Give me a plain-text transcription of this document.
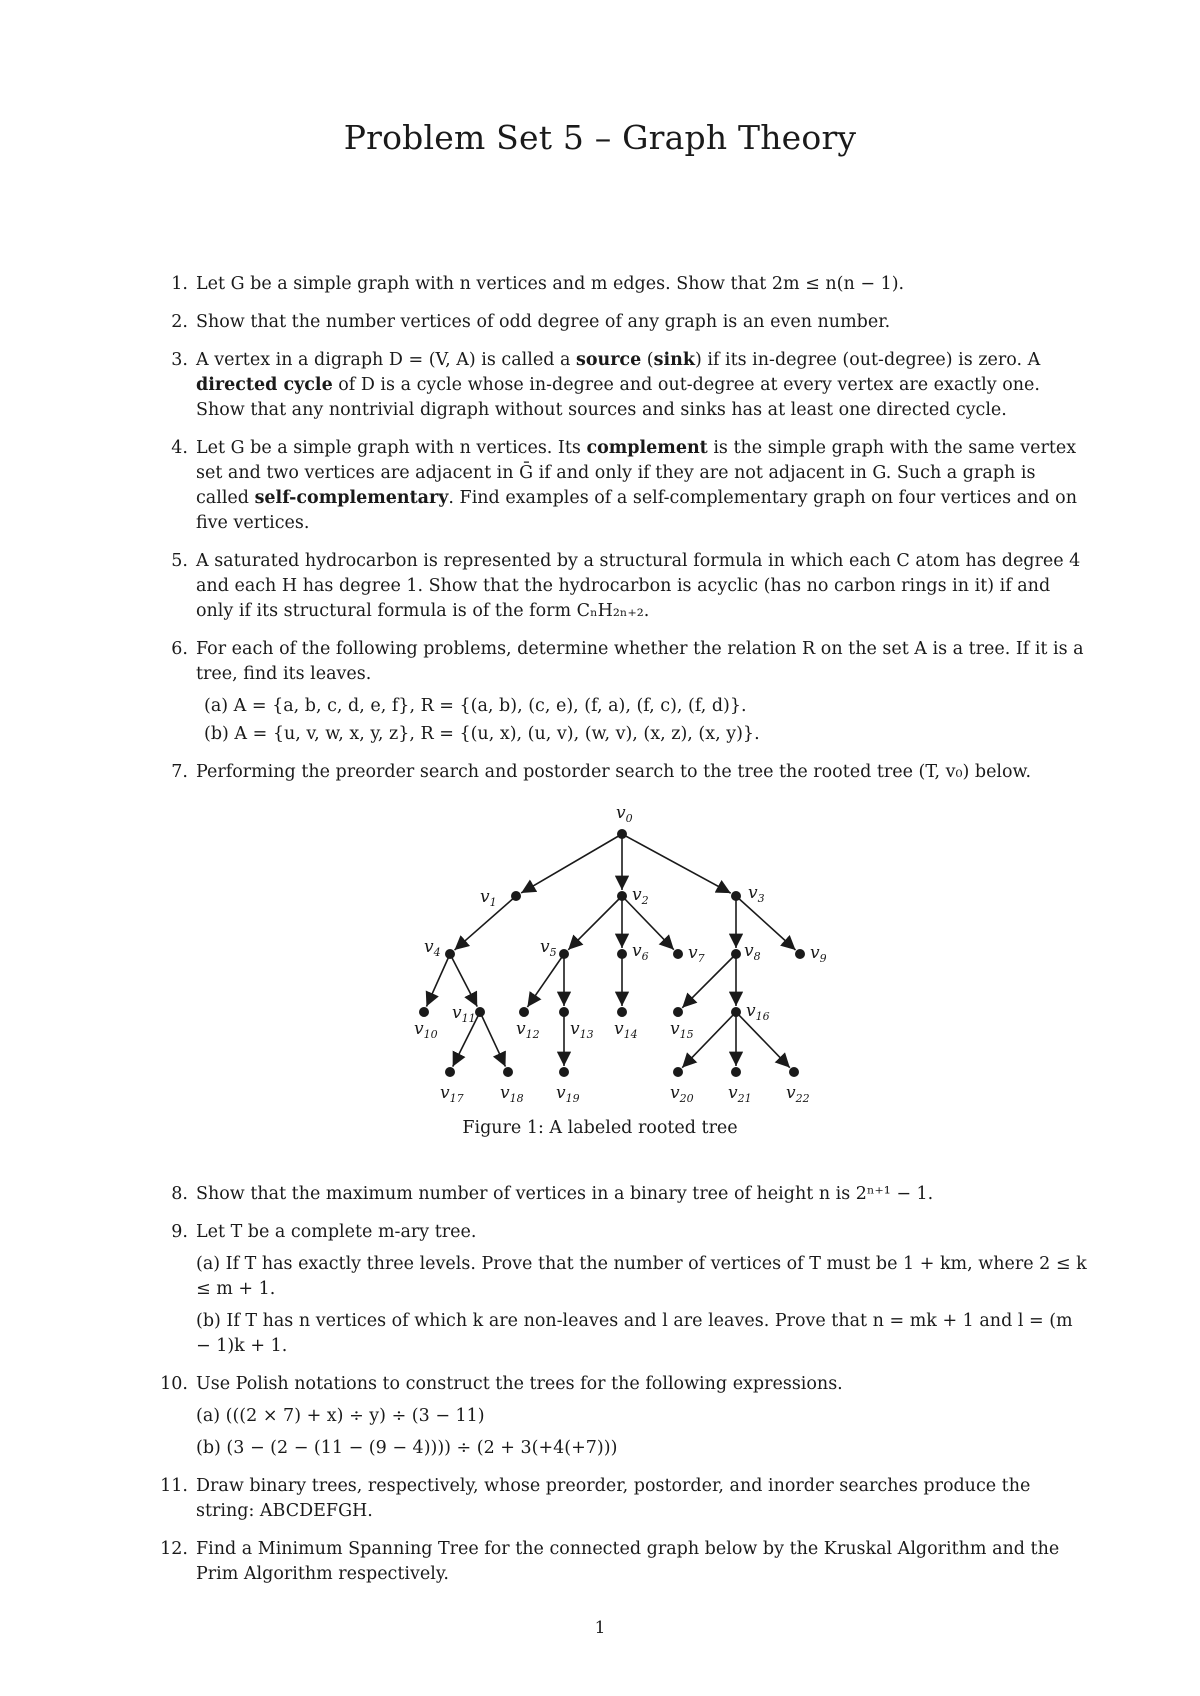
Problem Set 5 – Graph Theory
1. Let G be a simple graph with n vertices and m edges. Show that 2m ≤ n(n − 1).
2. Show that the number vertices of odd degree of any graph is an even number.
3. A vertex in a digraph D = (V, A) is called a source (sink) if its in-degree (out-degree) is zero. A directed cycle of D is a cycle whose in-degree and out-degree at every vertex are exactly one. Show that any nontrivial digraph without sources and sinks has at least one directed cycle.
4. Let G be a simple graph with n vertices. Its complement is the simple graph with the same vertex set and two vertices are adjacent in Ḡ if and only if they are not adjacent in G. Such a graph is called self-complementary. Find examples of a self-complementary graph on four vertices and on five vertices.
5. A saturated hydrocarbon is represented by a structural formula in which each C atom has degree 4 and each H has degree 1. Show that the hydrocarbon is acyclic (has no carbon rings in it) if and only if its structural formula is of the form CₙH₂ₙ₊₂.
6. For each of the following problems, determine whether the relation R on the set A is a tree. If it is a tree, find its leaves.
(a) A = {a, b, c, d, e, f}, R = {(a, b), (c, e), (f, a), (f, c), (f, d)}.
(b) A = {u, v, w, x, y, z}, R = {(u, x), (u, v), (w, v), (x, z), (x, y)}.
7. Performing the preorder search and postorder search to the tree the rooted tree (T, v₀) below.
$v_0$
$v_1$	$v_2$	$v_3$
$v_4$	$v_5$	$v_6$ $v_7$ $v_8$	$v_9$
$v_{10}$
$v_{11}$
$v_{12}$ $v_{13}$ $v_{14}$ $v_{15}$
$v_{16}$
$v_{17}$ $v_{18}$ $v_{19}$	$v_{20}$ $v_{21}$ $v_{22}$
Figure 1: A labeled rooted tree
8. Show that the maximum number of vertices in a binary tree of height n is 2ⁿ⁺¹ − 1.
9. Let T be a complete m-ary tree.
(a) If T has exactly three levels. Prove that the number of vertices of T must be 1 + km, where 2 ≤ k ≤ m + 1.
(b) If T has n vertices of which k are non-leaves and l are leaves. Prove that n = mk + 1 and l = (m − 1)k + 1.
10. Use Polish notations to construct the trees for the following expressions.
(a) (((2 × 7) + x) ÷ y) ÷ (3 − 11)
(b) (3 − (2 − (11 − (9 − 4)))) ÷ (2 + 3(+4(+7)))
11. Draw binary trees, respectively, whose preorder, postorder, and inorder searches produce the string: ABCDEFGH.
12. Find a Minimum Spanning Tree for the connected graph below by the Kruskal Algorithm and the Prim Algorithm respectively.
1
